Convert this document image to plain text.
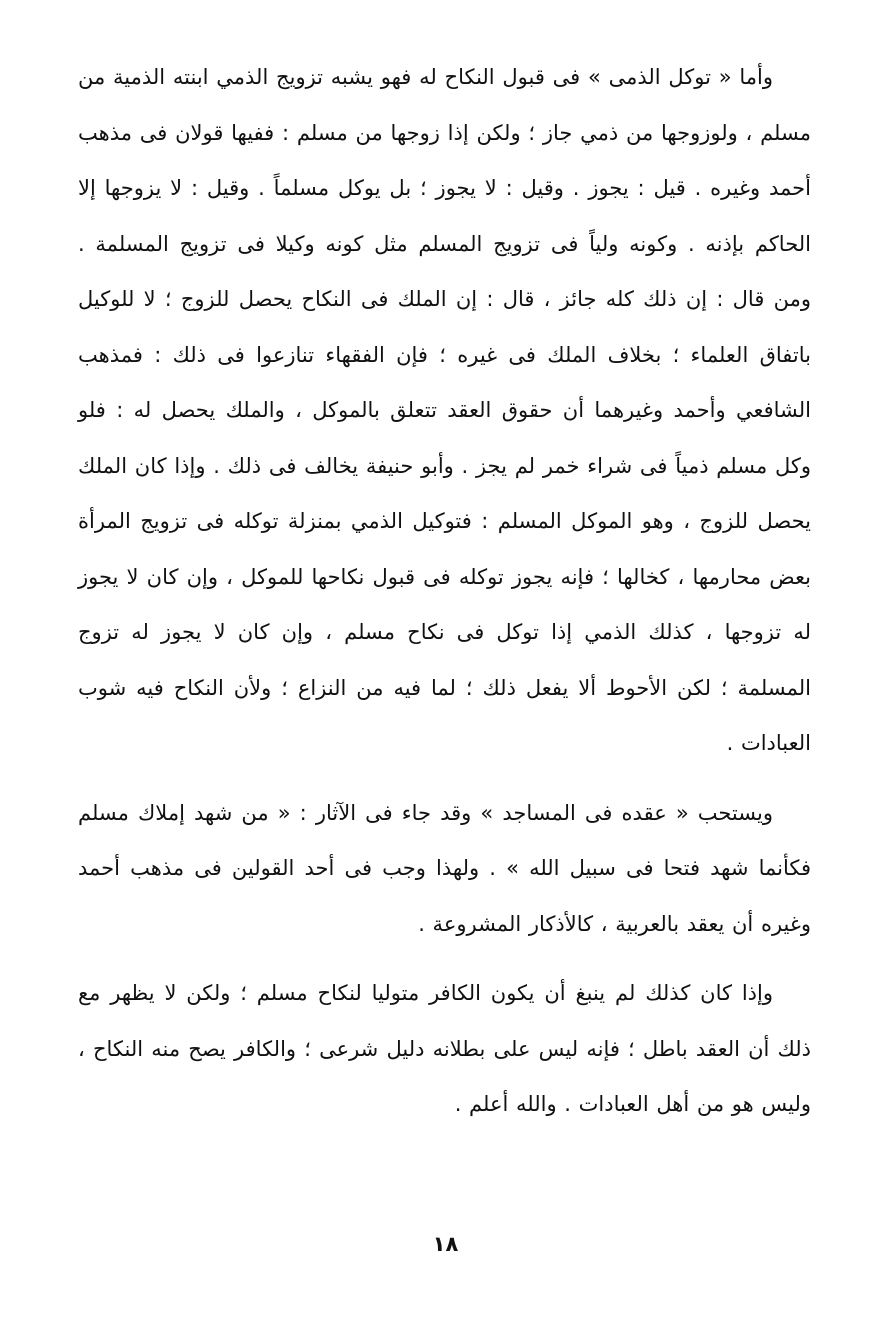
وأما « توكل الذمى » فى قبول النكاح له فهو يشبه تزويج الذمي ابنته الذمية من مسلم ، ولوزوجها من ذمي جاز ؛ ولكن إذا زوجها من مسلم : ففيها قولان فى مذهب أحمد وغيره . قيل : يجوز . وقيل : لا يجوز ؛ بل يوكل مسلماً . وقيل : لا يزوجها إلا الحاكم بإذنه . وكونه ولياً فى تزويج المسلم مثل كونه وكيلا فى تزويج المسلمة . ومن قال : إن ذلك كله جائز ، قال : إن الملك فى النكاح يحصل للزوج ؛ لا للوكيل باتفاق العلماء ؛ بخلاف الملك فى غيره ؛ فإن الفقهاء تنازعوا فى ذلك : فمذهب الشافعي وأحمد وغيرهما أن حقوق العقد تتعلق بالموكل ، والملك يحصل له : فلو وكل مسلم ذمياً فى شراء خمر لم يجز . وأبو حنيفة يخالف فى ذلك . وإذا كان الملك يحصل للزوج ، وهو الموكل المسلم : فتوكيل الذمي بمنزلة توكله فى تزويج المرأة بعض محارمها ، كخالها ؛ فإنه يجوز توكله فى قبول نكاحها للموكل ، وإن كان لا يجوز له تزوجها ، كذلك الذمي إذا توكل فى نكاح مسلم ، وإن كان لا يجوز له تزوج المسلمة ؛ لكن الأحوط ألا يفعل ذلك ؛ لما فيه من النزاع ؛ ولأن النكاح فيه شوب العبادات .

ويستحب « عقده فى المساجد » وقد جاء فى الآثار : « من شهد إملاك مسلم فكأنما شهد فتحا فى سبيل الله » . ولهذا وجب فى أحد القولين فى مذهب أحمد وغيره أن يعقد بالعربية ، كالأذكار المشروعة .

وإذا كان كذلك لم ينبغ أن يكون الكافر متوليا لنكاح مسلم ؛ ولكن لا يظهر مع ذلك أن العقد باطل ؛ فإنه ليس على بطلانه دليل شرعى ؛ والكافر يصح منه النكاح ، وليس هو من أهل العبادات . والله أعلم .

١٨
